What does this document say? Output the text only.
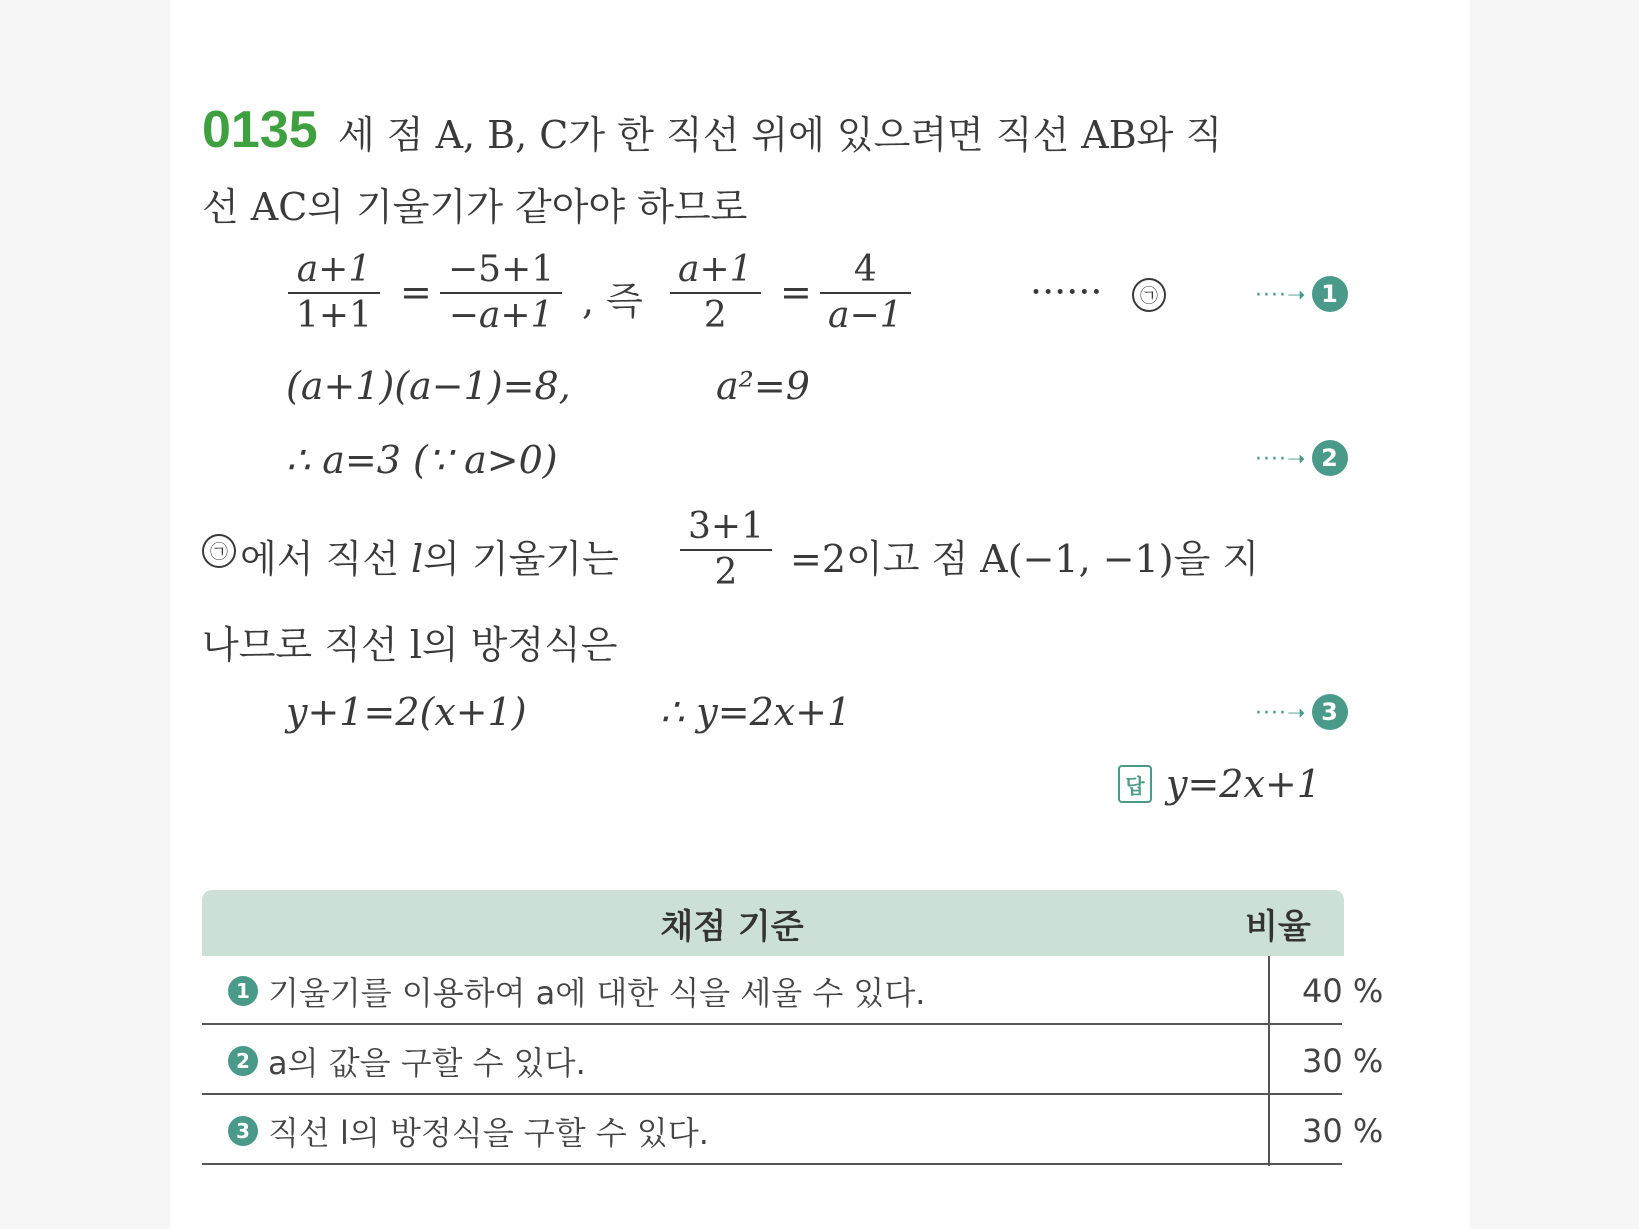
0135 세 점 A, B, C가 한 직선 위에 있으려면 직선 AB와 직
선 AC의 기울기가 같아야 하므로
a+1
1+1
=
−5+1
−a+1 , 즉
a+1
2
=
4
a−1
······	㉠	····➝ 1
(a+1)(a−1)=8,	a²=9
∴ a=3 (∵ a>0)	····➝ 2
㉠ 에서 직선 l의 기울기는
3+1
2 =2이고 점 A(−1, −1)을 지
나므로 직선 l의 방정식은
y+1=2(x+1)	∴ y=2x+1	····➝ 3
답 y=2x+1
채점 기준	비율
1 기울기를 이용하여 a에 대한 식을 세울 수 있다.	40 %
2 a의 값을 구할 수 있다.	30 %
3 직선 l의 방정식을 구할 수 있다.	30 %
